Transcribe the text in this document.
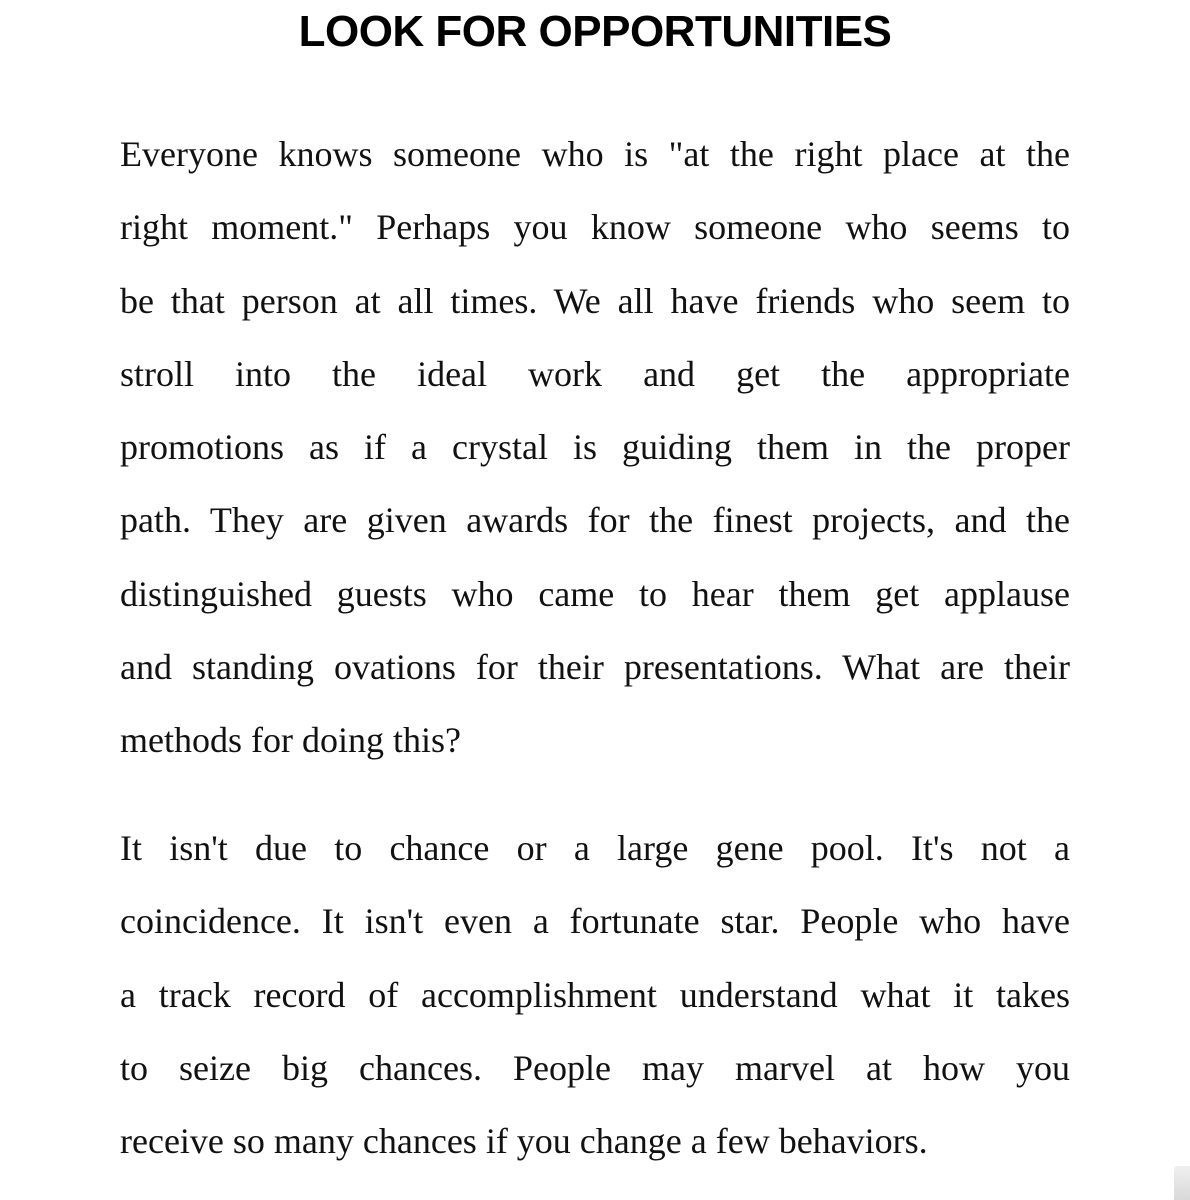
LOOK FOR OPPORTUNITIES

Everyone knows someone who is "at the right place at the
right moment." Perhaps you know someone who seems to
be that person at all times. We all have friends who seem to
stroll into the ideal work and get the appropriate
promotions as if a crystal is guiding them in the proper
path. They are given awards for the finest projects, and the
distinguished guests who came to hear them get applause
and standing ovations for their presentations. What are their
methods for doing this?

It isn't due to chance or a large gene pool. It's not a
coincidence. It isn't even a fortunate star. People who have
a track record of accomplishment understand what it takes
to seize big chances. People may marvel at how you
receive so many chances if you change a few behaviors.
